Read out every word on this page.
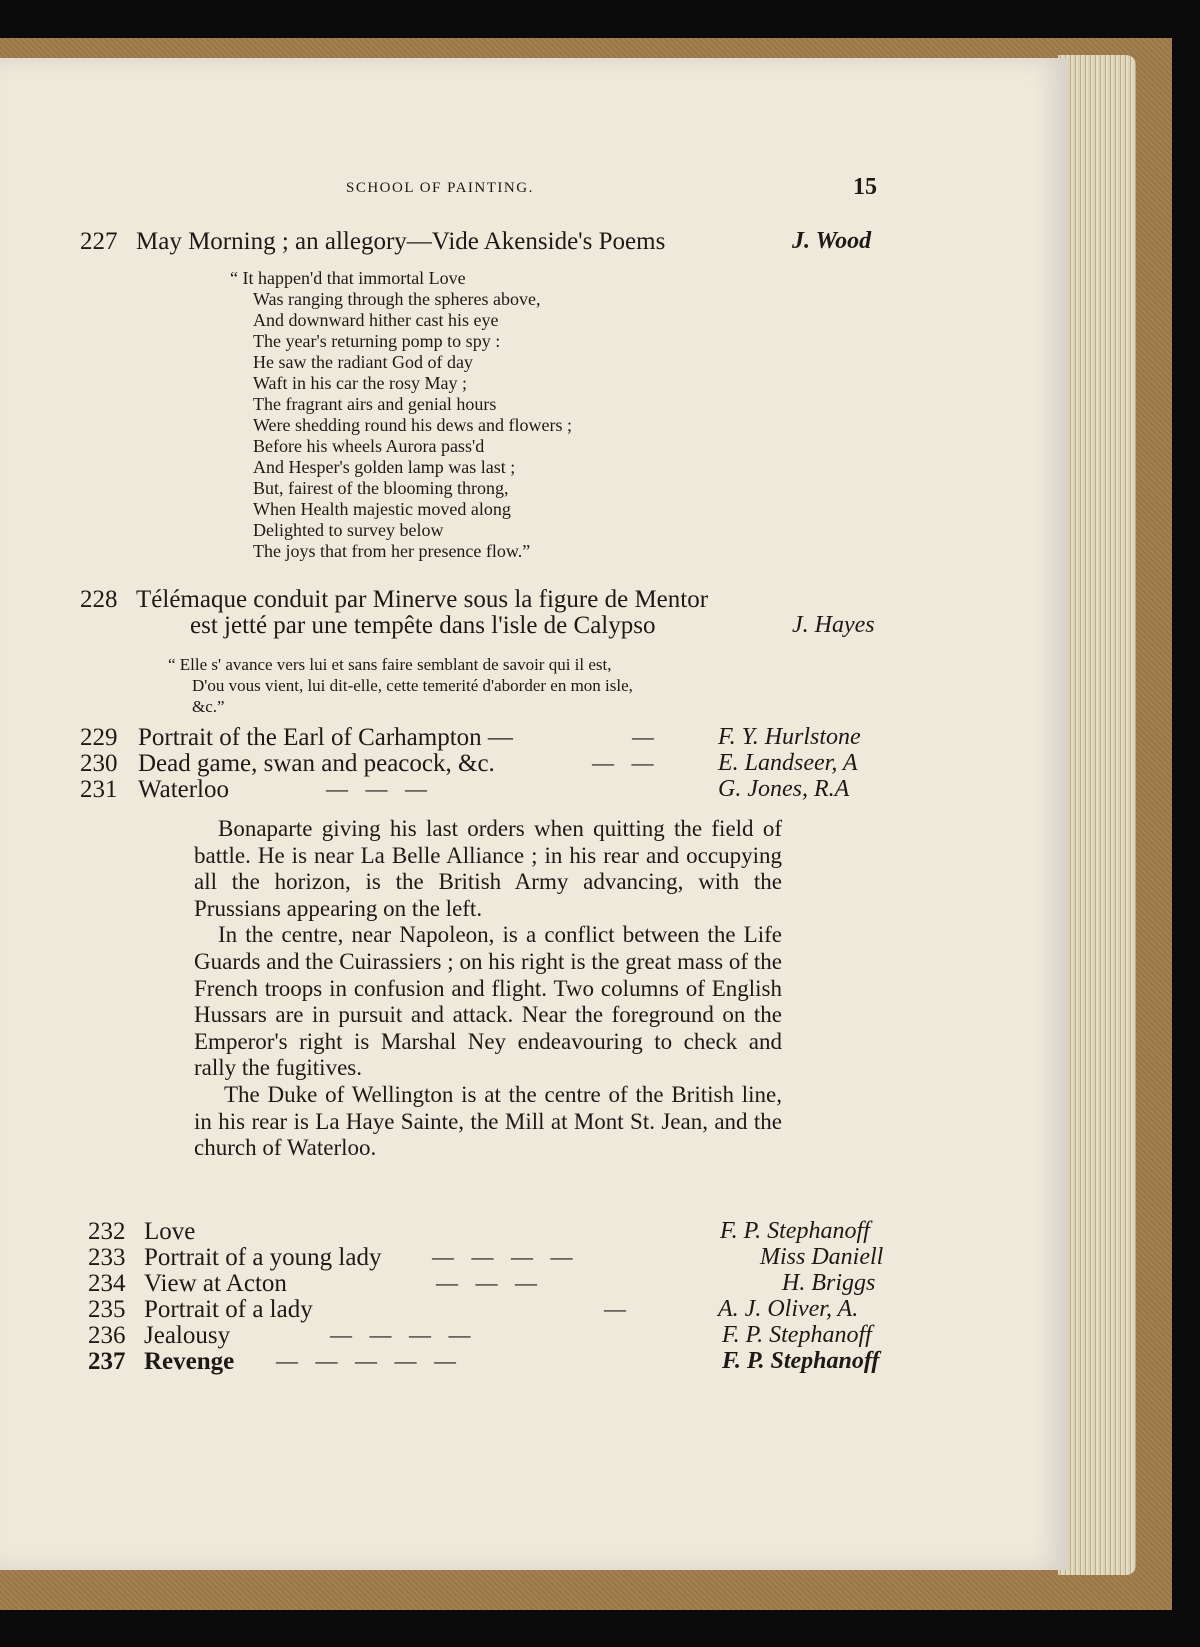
SCHOOL OF PAINTING.	15
227 May Morning ; an allegory—Vide Akenside's Poems	J. Wood
“ It happen'd that immortal Love
Was ranging through the spheres above,
And downward hither cast his eye
The year's returning pomp to spy :
He saw the radiant God of day
Waft in his car the rosy May ;
The fragrant airs and genial hours
Were shedding round his dews and flowers ;
Before his wheels Aurora pass'd
And Hesper's golden lamp was last ;
But, fairest of the blooming throng,
When Health majestic moved along
Delighted to survey below
The joys that from her presence flow.”
228 Télémaque conduit par Minerve sous la figure de Mentor
est jetté par une tempête dans l'isle de Calypso	J. Hayes
“ Elle s' avance vers lui et sans faire semblant de savoir qui il est,
D'ou vous vient, lui dit-elle, cette temerité d'aborder en mon isle,
&c.”
229 Portrait of the Earl of Carhampton —	—	F. Y. Hurlstone
230 Dead game, swan and peacock, &c.	— —	E. Landseer, A
231 Waterloo	— — —	G. Jones, R.A

Bonaparte giving his last orders when quitting the field of battle. He is near La Belle Alliance ; in his rear and occupying all the horizon, is the British Army advancing, with the Prussians appearing on the left.

In the centre, near Napoleon, is a conflict between the Life Guards and the Cuirassiers ; on his right is the great mass of the French troops in confusion and flight. Two columns of English Hussars are in pursuit and attack. Near the foreground on the Emperor's right is Marshal Ney endeavouring to check and rally the fugitives.

The Duke of Wellington is at the centre of the British line, in his rear is La Haye Sainte, the Mill at Mont St. Jean, and the church of Waterloo.

232 Love	F. P. Stephanoff
233 Portrait of a young lady — — — —	Miss Daniell
234 View at Acton	— — —	H. Briggs
235 Portrait of a lady	—	A. J. Oliver, A.
236 Jealousy	— — — —	F. P. Stephanoff
237 Revenge — — — — —	F. P. Stephanoff
